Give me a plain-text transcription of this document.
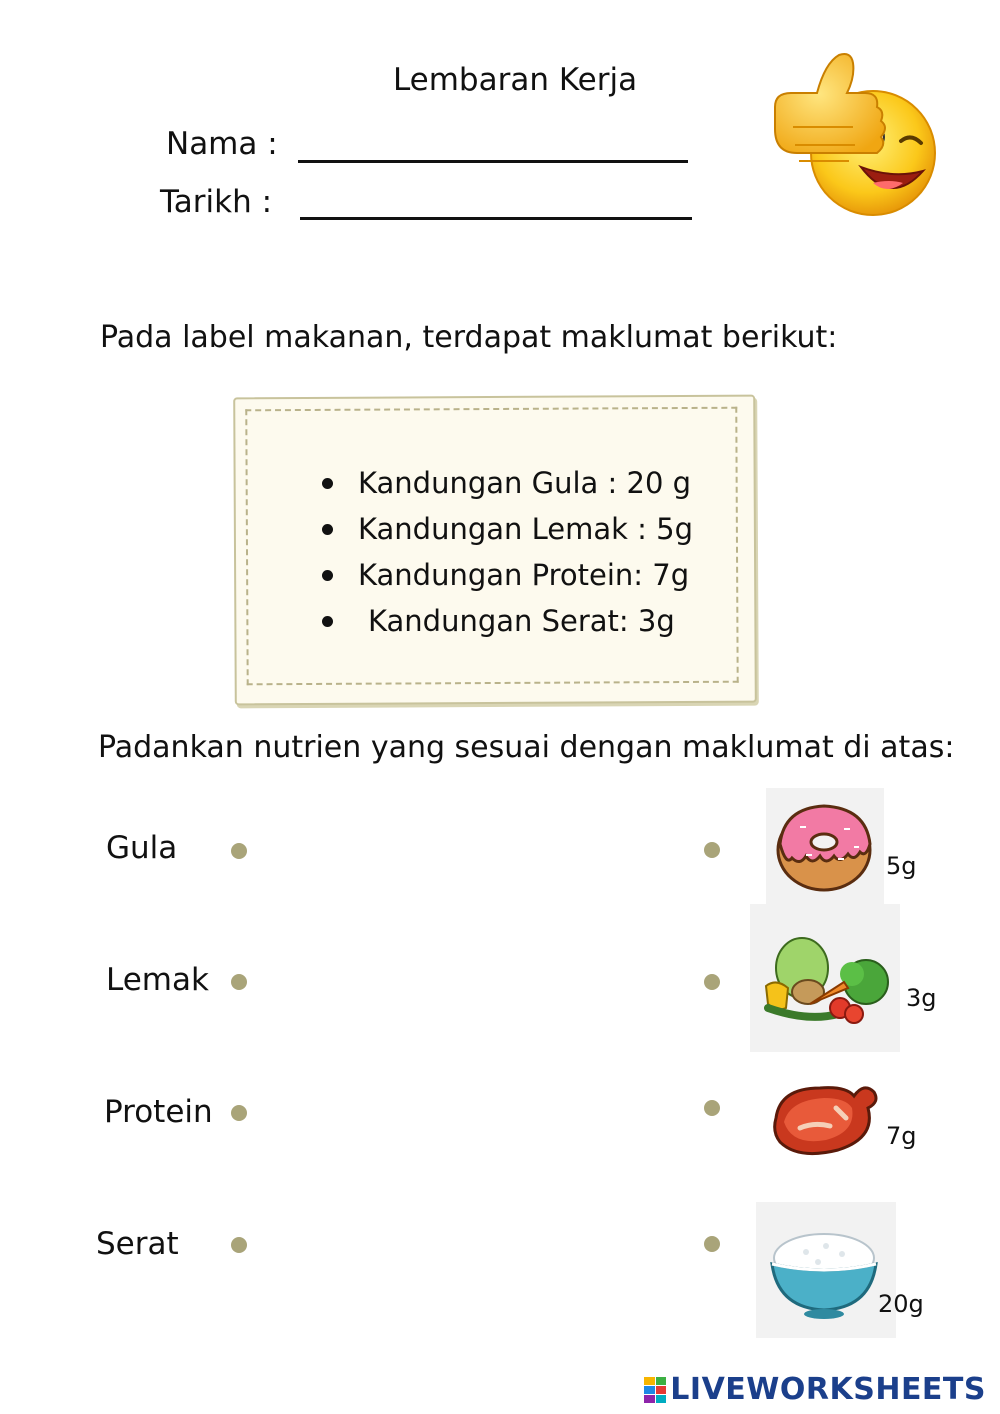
Lembaran Kerja
Nama :
Tarikh :
Pada label makanan, terdapat maklumat berikut:
Kandungan Gula : 20 g
Kandungan Lemak : 5g
Kandungan Protein: 7g
Kandungan Serat: 3g
Padankan nutrien yang sesuai dengan maklumat di atas:
Gula
Lemak
Protein
Serat
5g
3g
7g
20g
LIVEWORKSHEETS
